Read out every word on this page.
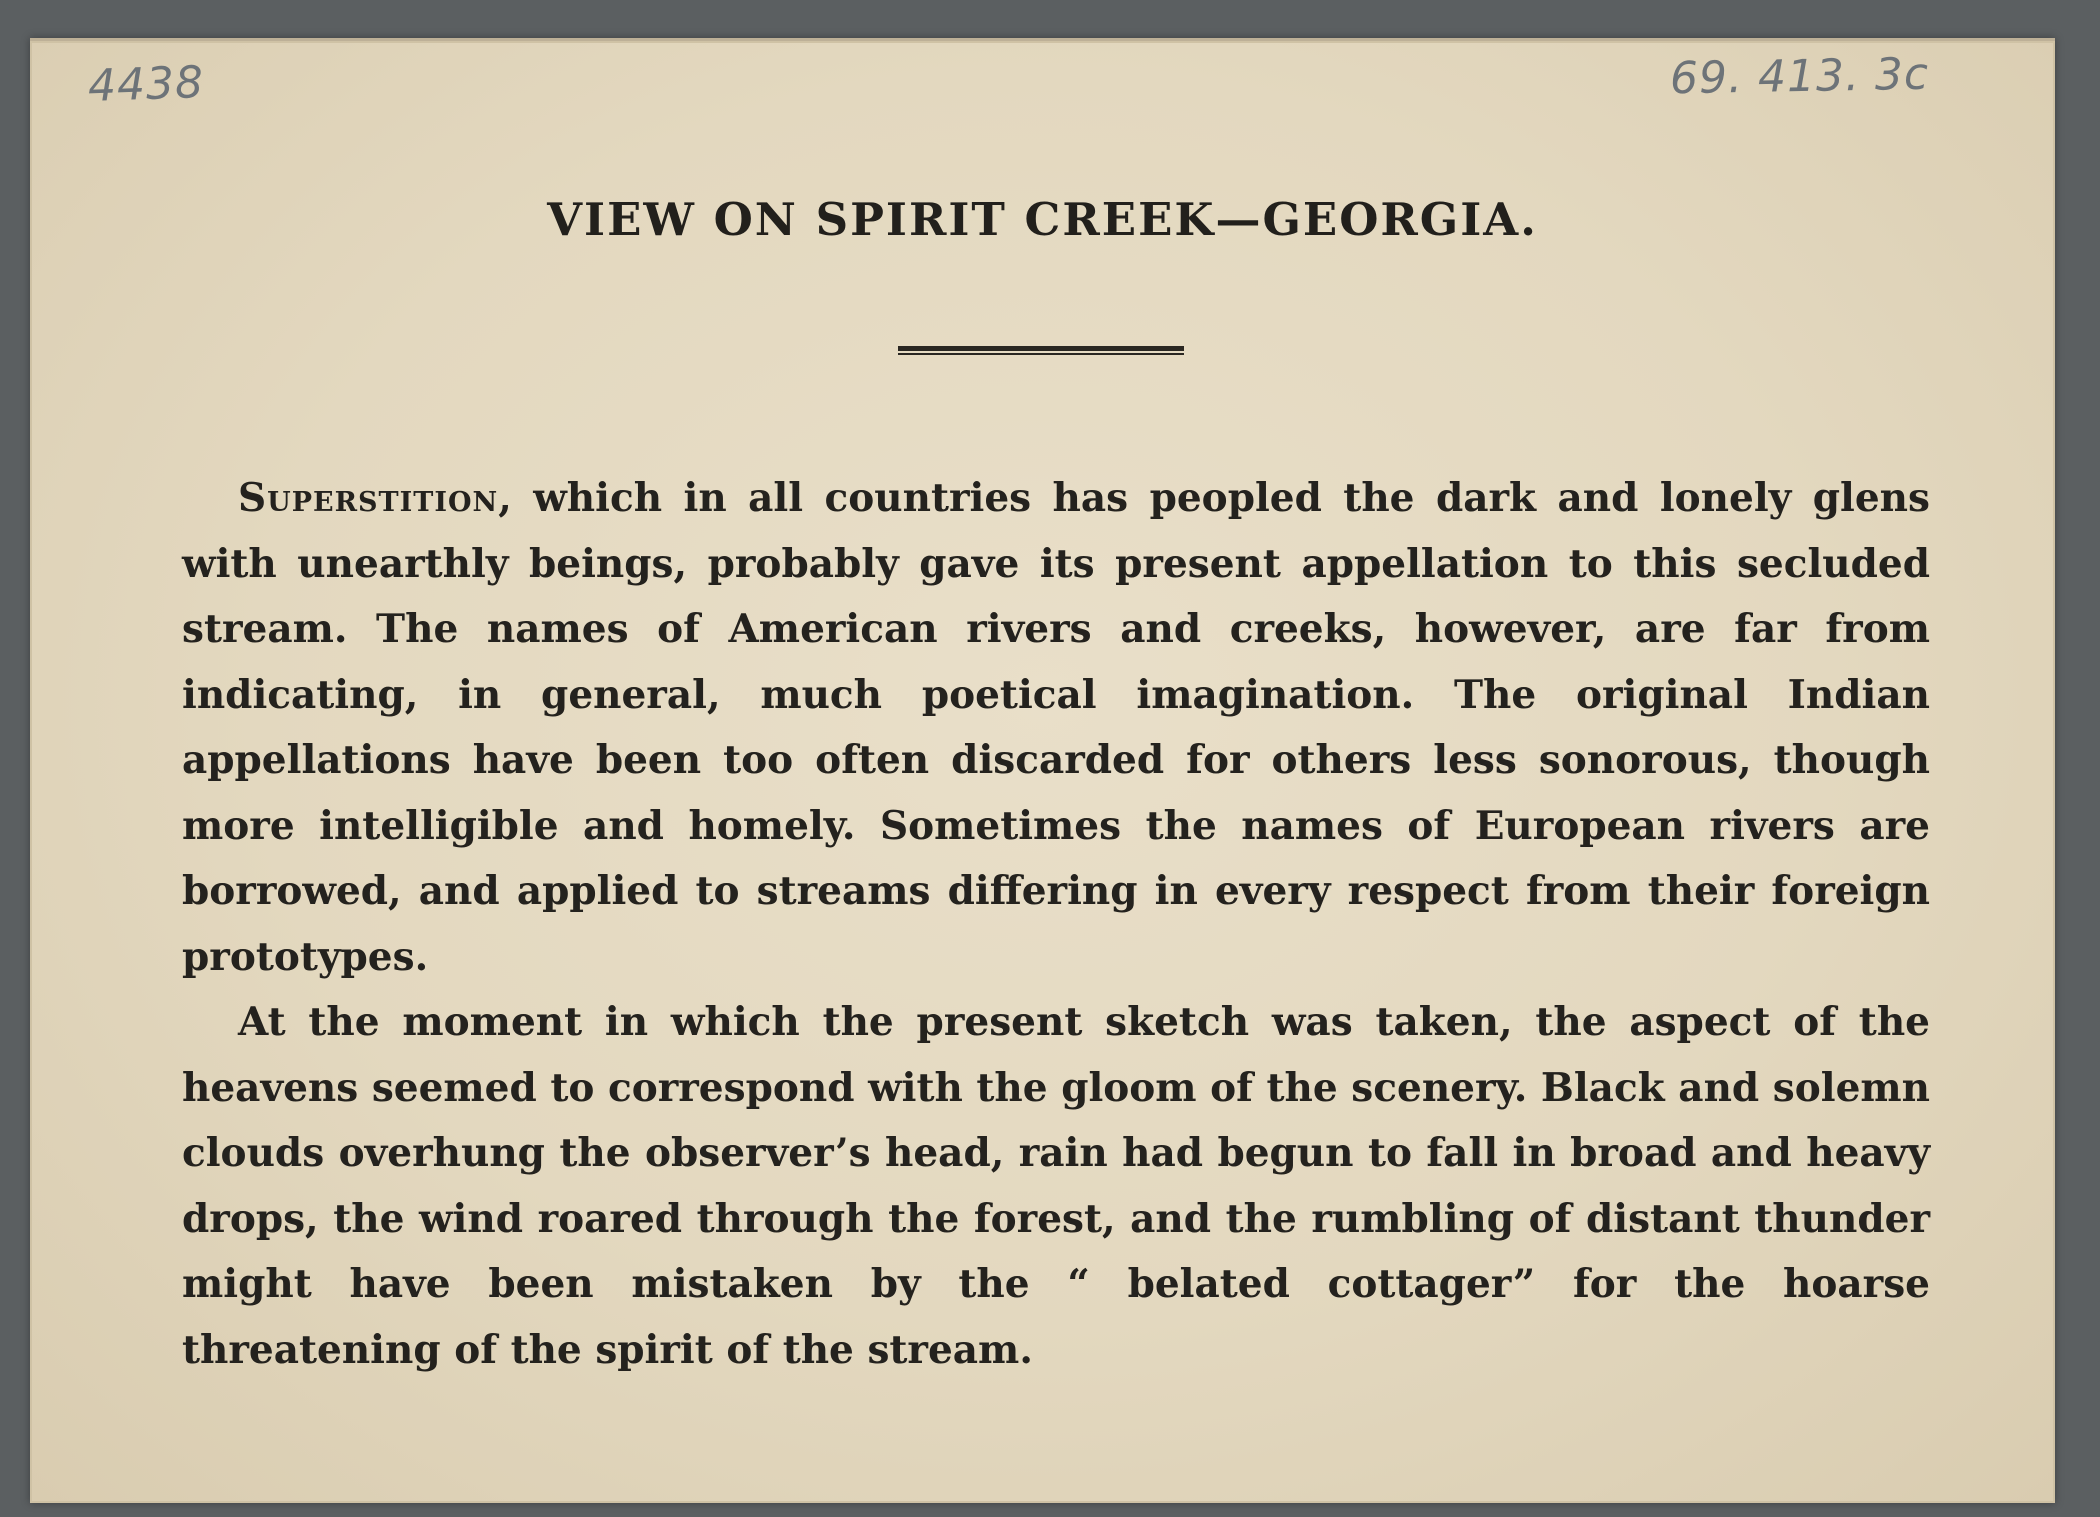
4438	69. 413. 3c
VIEW ON SPIRIT CREEK—GEORGIA.

Superstition, which in all countries has peopled the dark and lonely glens with unearthly beings, probably gave its present appellation to this secluded stream. The names of American rivers and creeks, however, are far from indicating, in general, much poetical imagination. The original Indian appellations have been too often discarded for others less sonorous, though more intelligible and homely. Sometimes the names of European rivers are borrowed, and applied to streams differing in every respect from their foreign prototypes.

At the moment in which the present sketch was taken, the aspect of the heavens seemed to correspond with the gloom of the scenery. Black and solemn clouds overhung the observer’s head, rain had begun to fall in broad and heavy drops, the wind roared through the forest, and the rumbling of distant thunder might have been mistaken by the “ belated cottager” for the hoarse threatening of the spirit of the stream.
